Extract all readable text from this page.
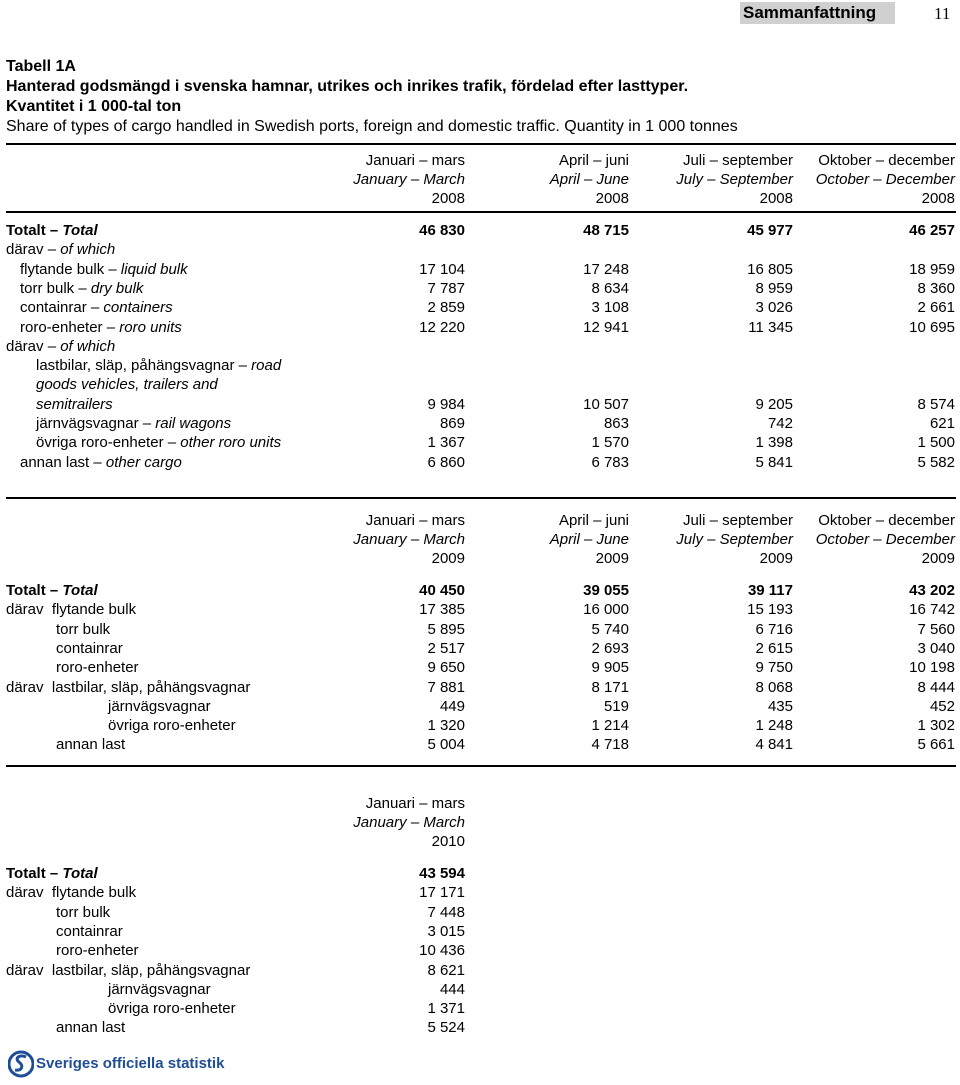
Sammanfattning	11
Tabell 1A
Hanterad godsmängd i svenska hamnar, utrikes och inrikes trafik, fördelad efter lasttyper.
Kvantitet i 1 000-tal ton
Share of types of cargo handled in Swedish ports, foreign and domestic traffic. Quantity in 1 000 tonnes
Januari – mars	April – juni	Juli – september	Oktober – december
January – March	April – June	July – September	October – December
2008	2008	2008	2008
Totalt – Total	46 830	48 715	45 977	46 257
därav – of which
flytande bulk – liquid bulk	17 104	17 248	16 805	18 959
torr bulk – dry bulk	7 787	8 634	8 959	8 360
containrar – containers	2 859	3 108	3 026	2 661
roro-enheter – roro units	12 220	12 941	11 345	10 695
därav – of which
lastbilar, släp, påhängsvagnar – road
goods vehicles, trailers and
semitrailers	9 984	10 507	9 205	8 574
järnvägsvagnar – rail wagons	869	863	742	621
övriga roro-enheter – other roro units	1 367	1 570	1 398	1 500
annan last – other cargo	6 860	6 783	5 841	5 582
Januari – mars	April – juni	Juli – september	Oktober – december
January – March	April – June	July – September	October – December
2009	2009	2009	2009
Totalt – Total	40 450	39 055	39 117	43 202
därav  flytande bulk	17 385	16 000	15 193	16 742
torr bulk	5 895	5 740	6 716	7 560
containrar	2 517	2 693	2 615	3 040
roro-enheter	9 650	9 905	9 750	10 198
därav  lastbilar, släp, påhängsvagnar	7 881	8 171	8 068	8 444
järnvägsvagnar	449	519	435	452
övriga roro-enheter	1 320	1 214	1 248	1 302
annan last	5 004	4 718	4 841	5 661
Januari – mars
January – March
2010
Totalt – Total	43 594
därav  flytande bulk	17 171
torr bulk	7 448
containrar	3 015
roro-enheter	10 436
därav  lastbilar, släp, påhängsvagnar	8 621
järnvägsvagnar	444
övriga roro-enheter	1 371
annan last	5 524
Sveriges officiella statistik
